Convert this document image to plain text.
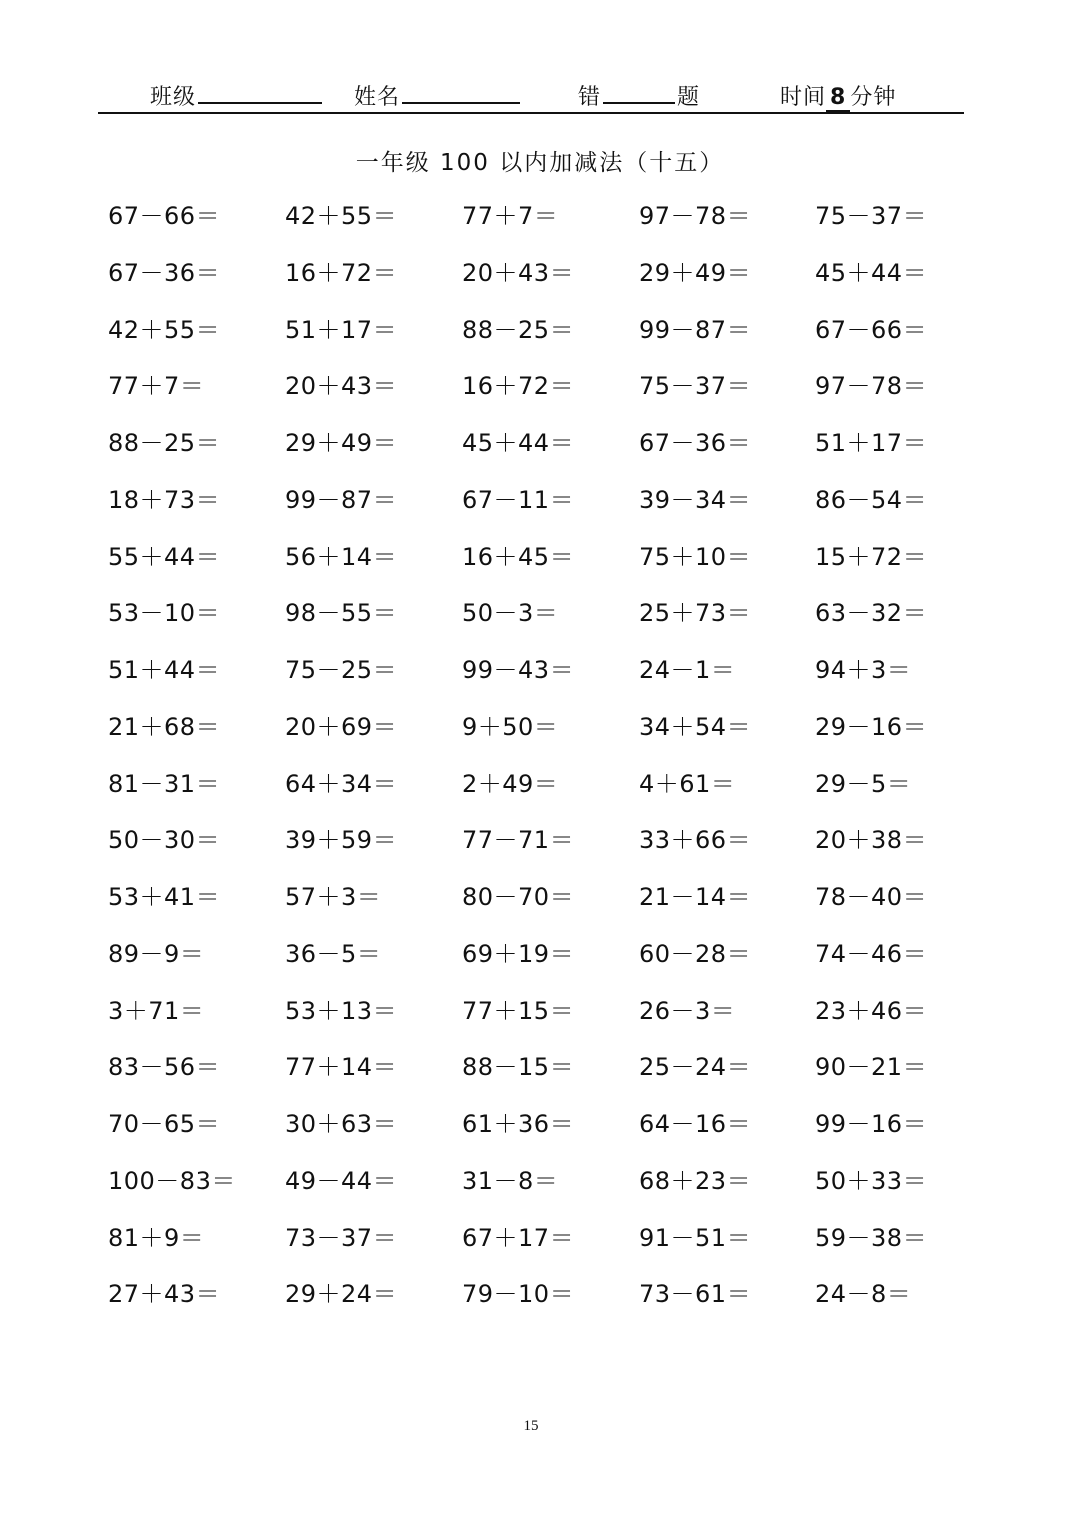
班级	姓名	错	题	时间 8 分钟
一年级 100 以内加减法（十五）
67－66＝	42＋55＝	77＋7＝	97－78＝	75－37＝
67－36＝	16＋72＝	20＋43＝	29＋49＝	45＋44＝
42＋55＝	51＋17＝	88－25＝	99－87＝	67－66＝
77＋7＝	20＋43＝	16＋72＝	75－37＝	97－78＝
88－25＝	29＋49＝	45＋44＝	67－36＝	51＋17＝
18＋73＝	99－87＝	67－11＝	39－34＝	86－54＝
55＋44＝	56＋14＝	16＋45＝	75＋10＝	15＋72＝
53－10＝	98－55＝	50－3＝	25＋73＝	63－32＝
51＋44＝	75－25＝	99－43＝	24－1＝	94＋3＝
21＋68＝	20＋69＝	9＋50＝	34＋54＝	29－16＝
81－31＝	64＋34＝	2＋49＝	4＋61＝	29－5＝
50－30＝	39＋59＝	77－71＝	33＋66＝	20＋38＝
53＋41＝	57＋3＝	80－70＝	21－14＝	78－40＝
89－9＝	36－5＝	69＋19＝	60－28＝	74－46＝
3＋71＝	53＋13＝	77＋15＝	26－3＝	23＋46＝
83－56＝	77＋14＝	88－15＝	25－24＝	90－21＝
70－65＝	30＋63＝	61＋36＝	64－16＝	99－16＝
100－83＝	49－44＝	31－8＝	68＋23＝	50＋33＝
81＋9＝	73－37＝	67＋17＝	91－51＝	59－38＝
27＋43＝	29＋24＝	79－10＝	73－61＝	24－8＝
15
